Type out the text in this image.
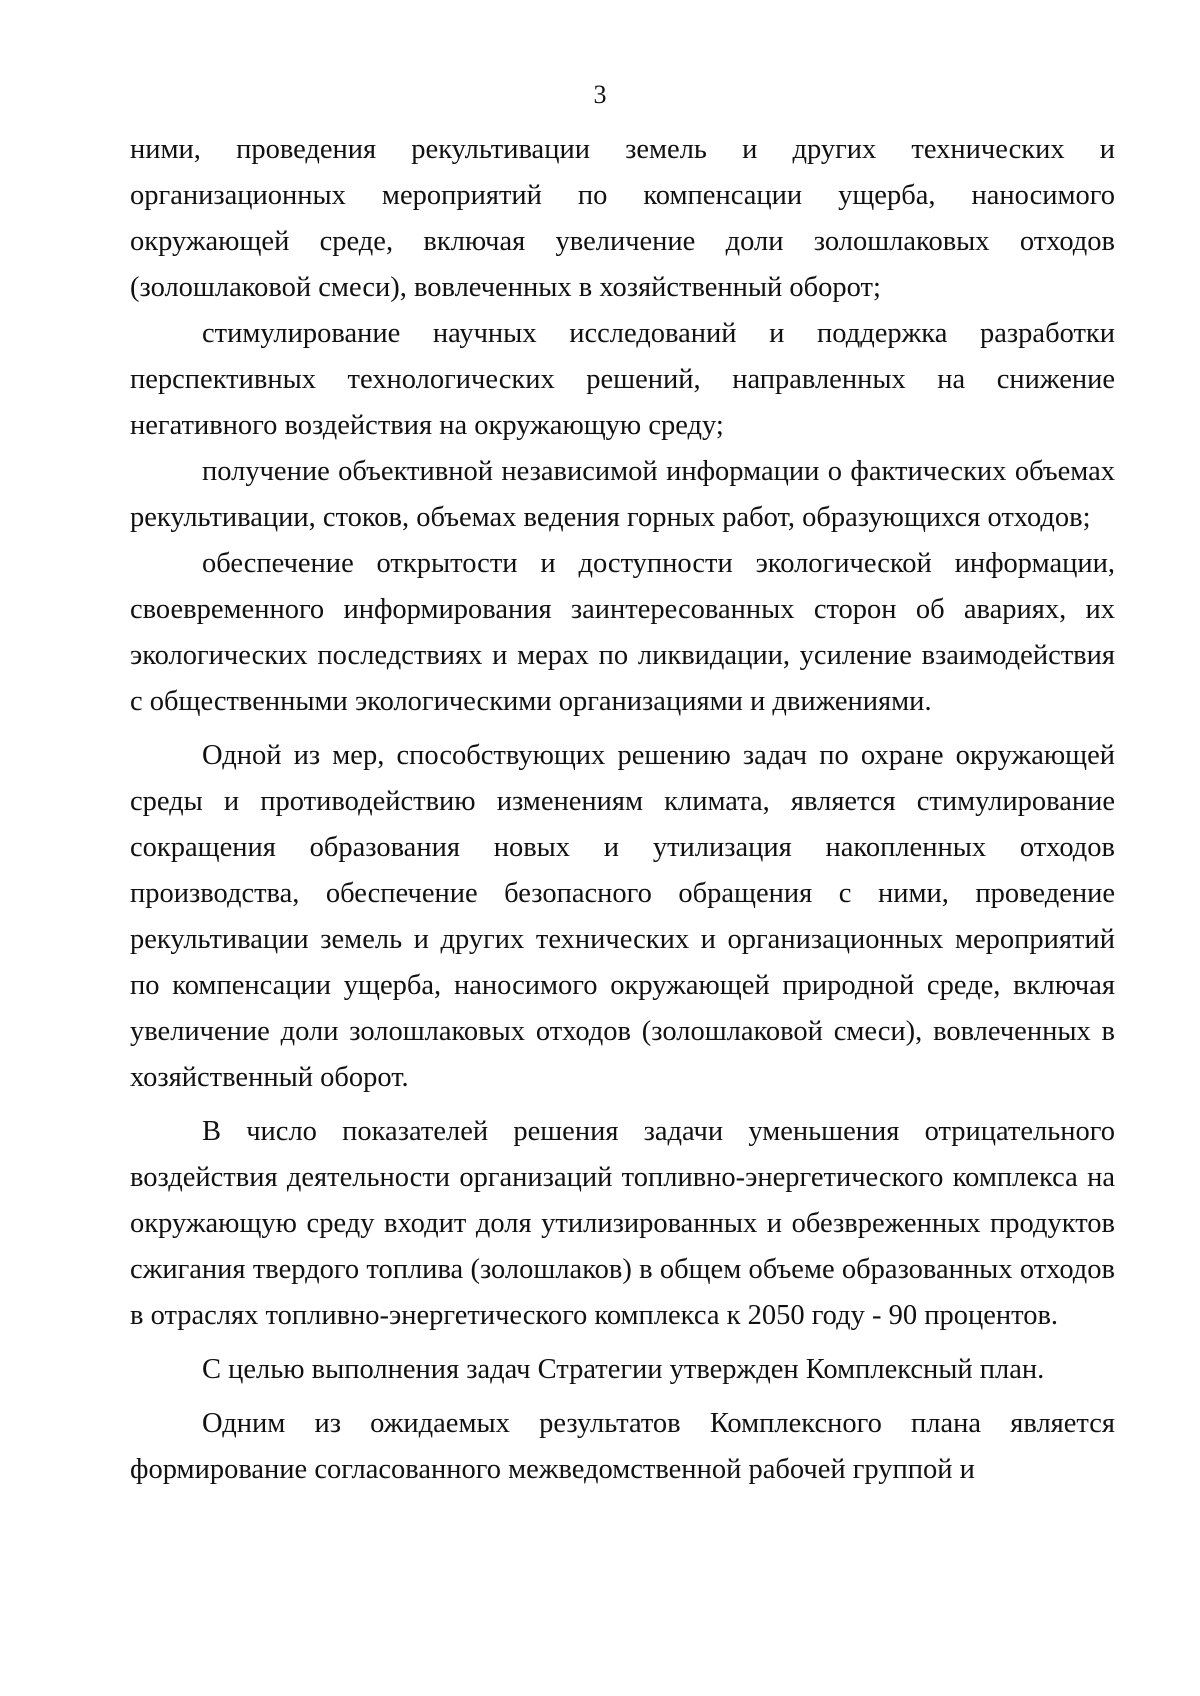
3

ними, проведения рекультивации земель и других технических и организационных мероприятий по компенсации ущерба, наносимого окружающей среде, включая увеличение доли золошлаковых отходов (золошлаковой смеси), вовлеченных в хозяйственный оборот;

стимулирование научных исследований и поддержка разработки перспективных технологических решений, направленных на снижение негативного воздействия на окружающую среду;

получение объективной независимой информации о фактических объемах рекультивации, стоков, объемах ведения горных работ, образующихся отходов;

обеспечение открытости и доступности экологической информации, своевременного информирования заинтересованных сторон об авариях, их экологических последствиях и мерах по ликвидации, усиление взаимодействия с общественными экологическими организациями и движениями.

Одной из мер, способствующих решению задач по охране окружающей среды и противодействию изменениям климата, является стимулирование сокращения образования новых и утилизация накопленных отходов производства, обеспечение безопасного обращения с ними, проведение рекультивации земель и других технических и организационных мероприятий по компенсации ущерба, наносимого окружающей природной среде, включая увеличение доли золошлаковых отходов (золошлаковой смеси), вовлеченных в хозяйственный оборот.

В число показателей решения задачи уменьшения отрицательного воздействия деятельности организаций топливно-энергетического комплекса на окружающую среду входит доля утилизированных и обезвреженных продуктов сжигания твердого топлива (золошлаков) в общем объеме образованных отходов в отраслях топливно-энергетического комплекса к 2050 году - 90 процентов.

С целью выполнения задач Стратегии утвержден Комплексный план.

Одним из ожидаемых результатов Комплексного плана является формирование согласованного межведомственной рабочей группой и
